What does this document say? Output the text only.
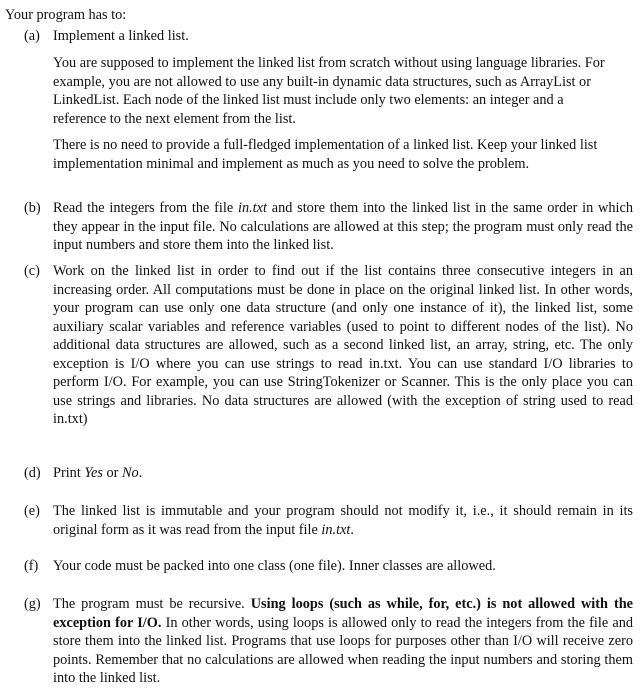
Your program has to:
(a) Implement a linked list.
You are supposed to implement the linked list from scratch without using language libraries. For example, you are not allowed to use any built-in dynamic data structures, such as ArrayList or LinkedList. Each node of the linked list must include only two elements: an integer and a reference to the next element from the list.
There is no need to provide a full-fledged implementation of a linked list. Keep your linked list implementation minimal and implement as much as you need to solve the problem.
(b) Read the integers from the file in.txt and store them into the linked list in the same order in which they appear in the input file. No calculations are allowed at this step; the program must only read the input numbers and store them into the linked list.
(c) Work on the linked list in order to find out if the list contains three consecutive integers in an increasing order. All computations must be done in place on the original linked list. In other words, your program can use only one data structure (and only one instance of it), the linked list, some auxiliary scalar variables and reference variables (used to point to different nodes of the list). No additional data structures are allowed, such as a second linked list, an array, string, etc. The only exception is I/O where you can use strings to read in.txt. You can use standard I/O libraries to perform I/O. For example, you can use StringTokenizer or Scanner. This is the only place you can use strings and libraries. No data structures are allowed (with the exception of string used to read in.txt)
(d) Print Yes or No.
(e) The linked list is immutable and your program should not modify it, i.e., it should remain in its original form as it was read from the input file in.txt.
(f)	Your code must be packed into one class (one file). Inner classes are allowed.
(g) The program must be recursive. Using loops (such as while, for, etc.) is not allowed with the exception for I/O. In other words, using loops is allowed only to read the integers from the file and store them into the linked list. Programs that use loops for purposes other than I/O will receive zero points. Remember that no calculations are allowed when reading the input numbers and storing them into the linked list.
